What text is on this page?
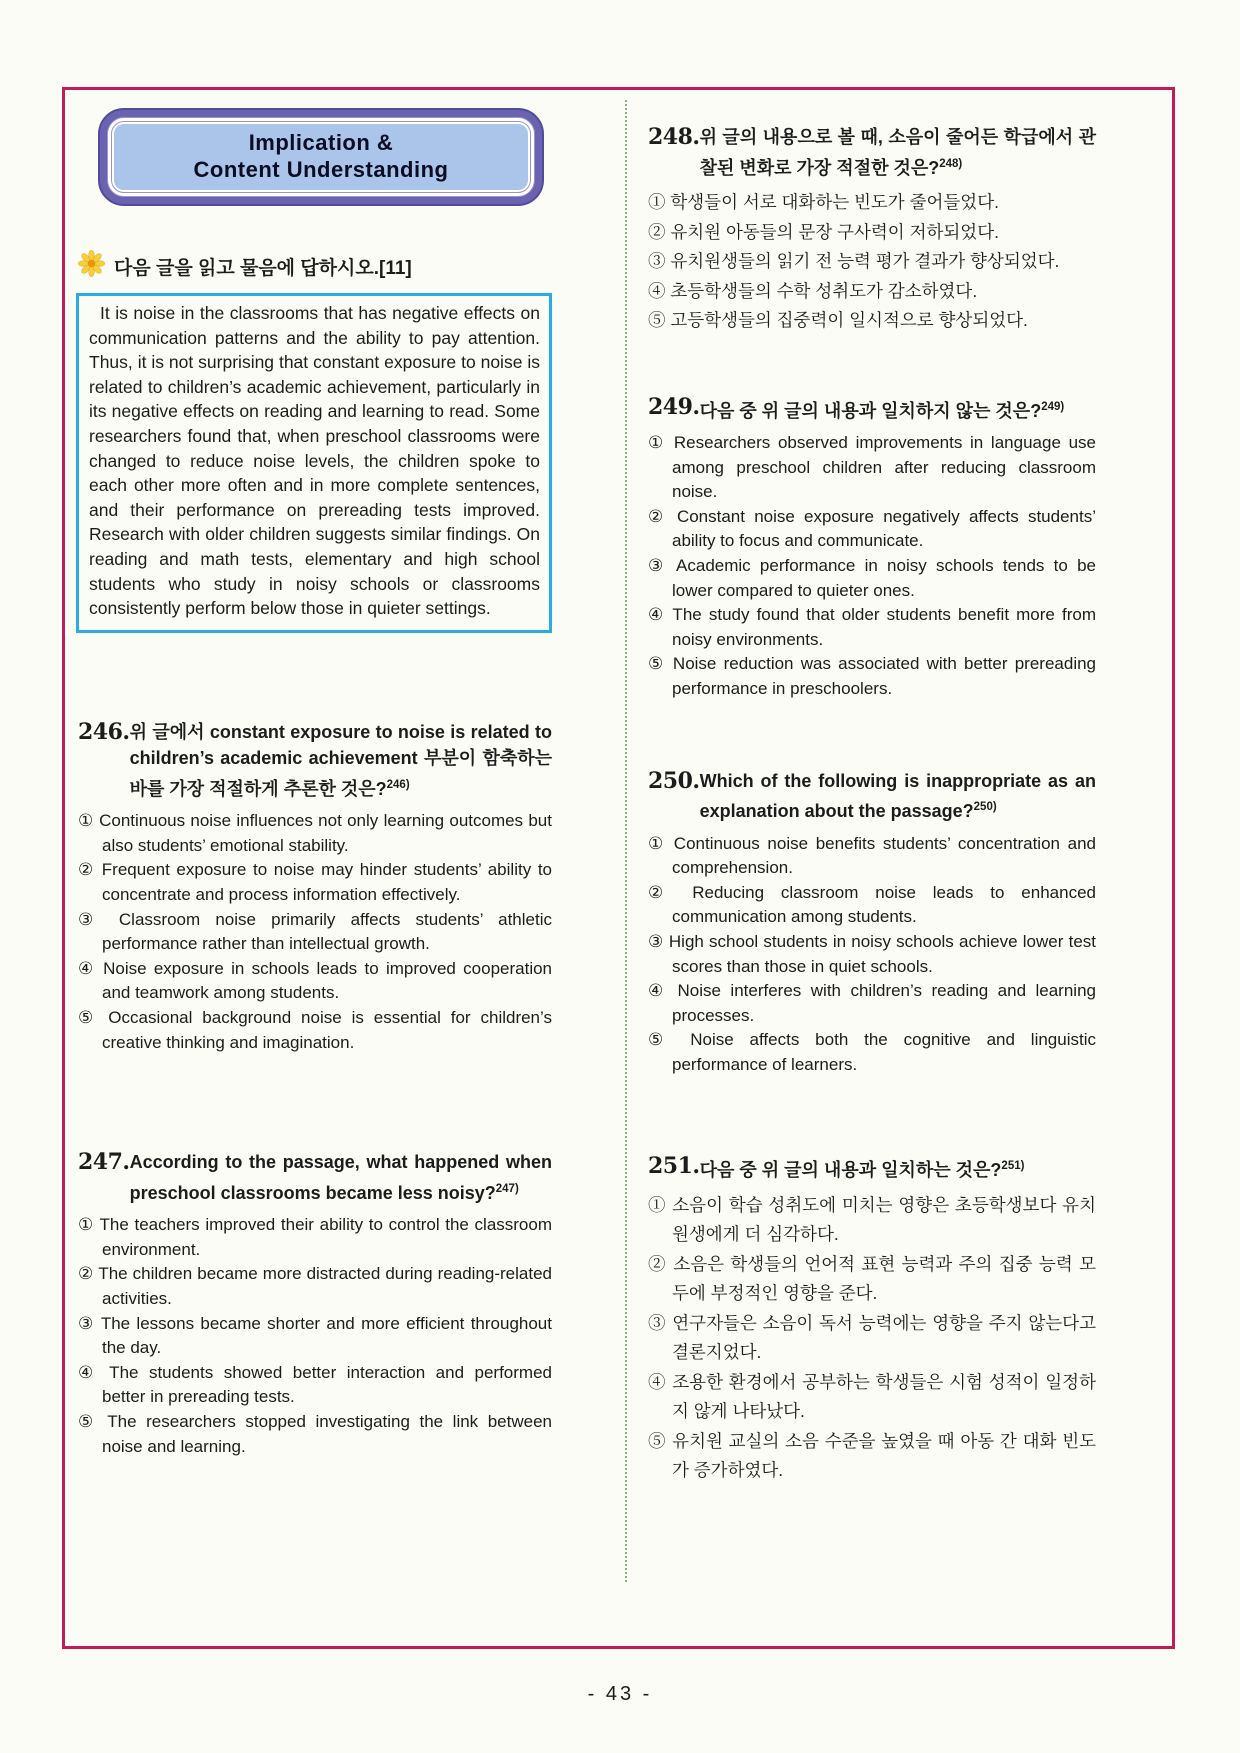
Implication &
Content Understanding
다음 글을 읽고 물음에 답하시오.[11]

It is noise in the classrooms that has negative effects on communication patterns and the ability to pay attention. Thus, it is not surprising that constant exposure to noise is related to children’s academic achievement, particularly in its negative effects on reading and learning to read. Some researchers found that, when preschool classrooms were changed to reduce noise levels, the children spoke to each other more often and in more complete sentences, and their performance on prereading tests improved. Research with older children suggests similar findings. On reading and math tests, elementary and high school students who study in noisy schools or classrooms consistently perform below those in quieter settings.

246. 위 글에서 constant exposure to noise is related to children’s academic achievement 부분이 함축하는 바를 가장 적절하게 추론한 것은?$^{246)}$
① Continuous noise influences not only learning outcomes but also students’ emotional stability.
② Frequent exposure to noise may hinder students’ ability to concentrate and process information effectively.
③ Classroom noise primarily affects students’ athletic performance rather than intellectual growth.
④ Noise exposure in schools leads to improved cooperation and teamwork among students.
⑤ Occasional background noise is essential for children’s creative thinking and imagination.
247. According to the passage, what happened when preschool classrooms became less noisy?$^{247)}$
① The teachers improved their ability to control the classroom environment.
② The children became more distracted during reading-related activities.
③ The lessons became shorter and more efficient throughout the day.
④ The students showed better interaction and performed better in prereading tests.
⑤ The researchers stopped investigating the link between noise and learning.
248. 위 글의 내용으로 볼 때, 소음이 줄어든 학급에서 관찰된 변화로 가장 적절한 것은?$^{248)}$
① 학생들이 서로 대화하는 빈도가 줄어들었다.
② 유치원 아동들의 문장 구사력이 저하되었다.
③ 유치원생들의 읽기 전 능력 평가 결과가 향상되었다.
④ 초등학생들의 수학 성취도가 감소하였다.
⑤ 고등학생들의 집중력이 일시적으로 향상되었다.
249. 다음 중 위 글의 내용과 일치하지 않는 것은?$^{249)}$
① Researchers observed improvements in language use among preschool children after reducing classroom noise.
② Constant noise exposure negatively affects students’ ability to focus and communicate.
③ Academic performance in noisy schools tends to be lower compared to quieter ones.
④ The study found that older students benefit more from noisy environments.
⑤ Noise reduction was associated with better prereading performance in preschoolers.
250. Which of the following is inappropriate as an explanation about the passage?$^{250)}$
① Continuous noise benefits students’ concentration and comprehension.
② Reducing classroom noise leads to enhanced communication among students.
③ High school students in noisy schools achieve lower test scores than those in quiet schools.
④ Noise interferes with children’s reading and learning processes.
⑤ Noise affects both the cognitive and linguistic performance of learners.
251. 다음 중 위 글의 내용과 일치하는 것은?$^{251)}$
① 소음이 학습 성취도에 미치는 영향은 초등학생보다 유치원생에게 더 심각하다.
② 소음은 학생들의 언어적 표현 능력과 주의 집중 능력 모두에 부정적인 영향을 준다.
③ 연구자들은 소음이 독서 능력에는 영향을 주지 않는다고 결론지었다.
④ 조용한 환경에서 공부하는 학생들은 시험 성적이 일정하지 않게 나타났다.
⑤ 유치원 교실의 소음 수준을 높였을 때 아동 간 대화 빈도가 증가하였다.
- 43 -
